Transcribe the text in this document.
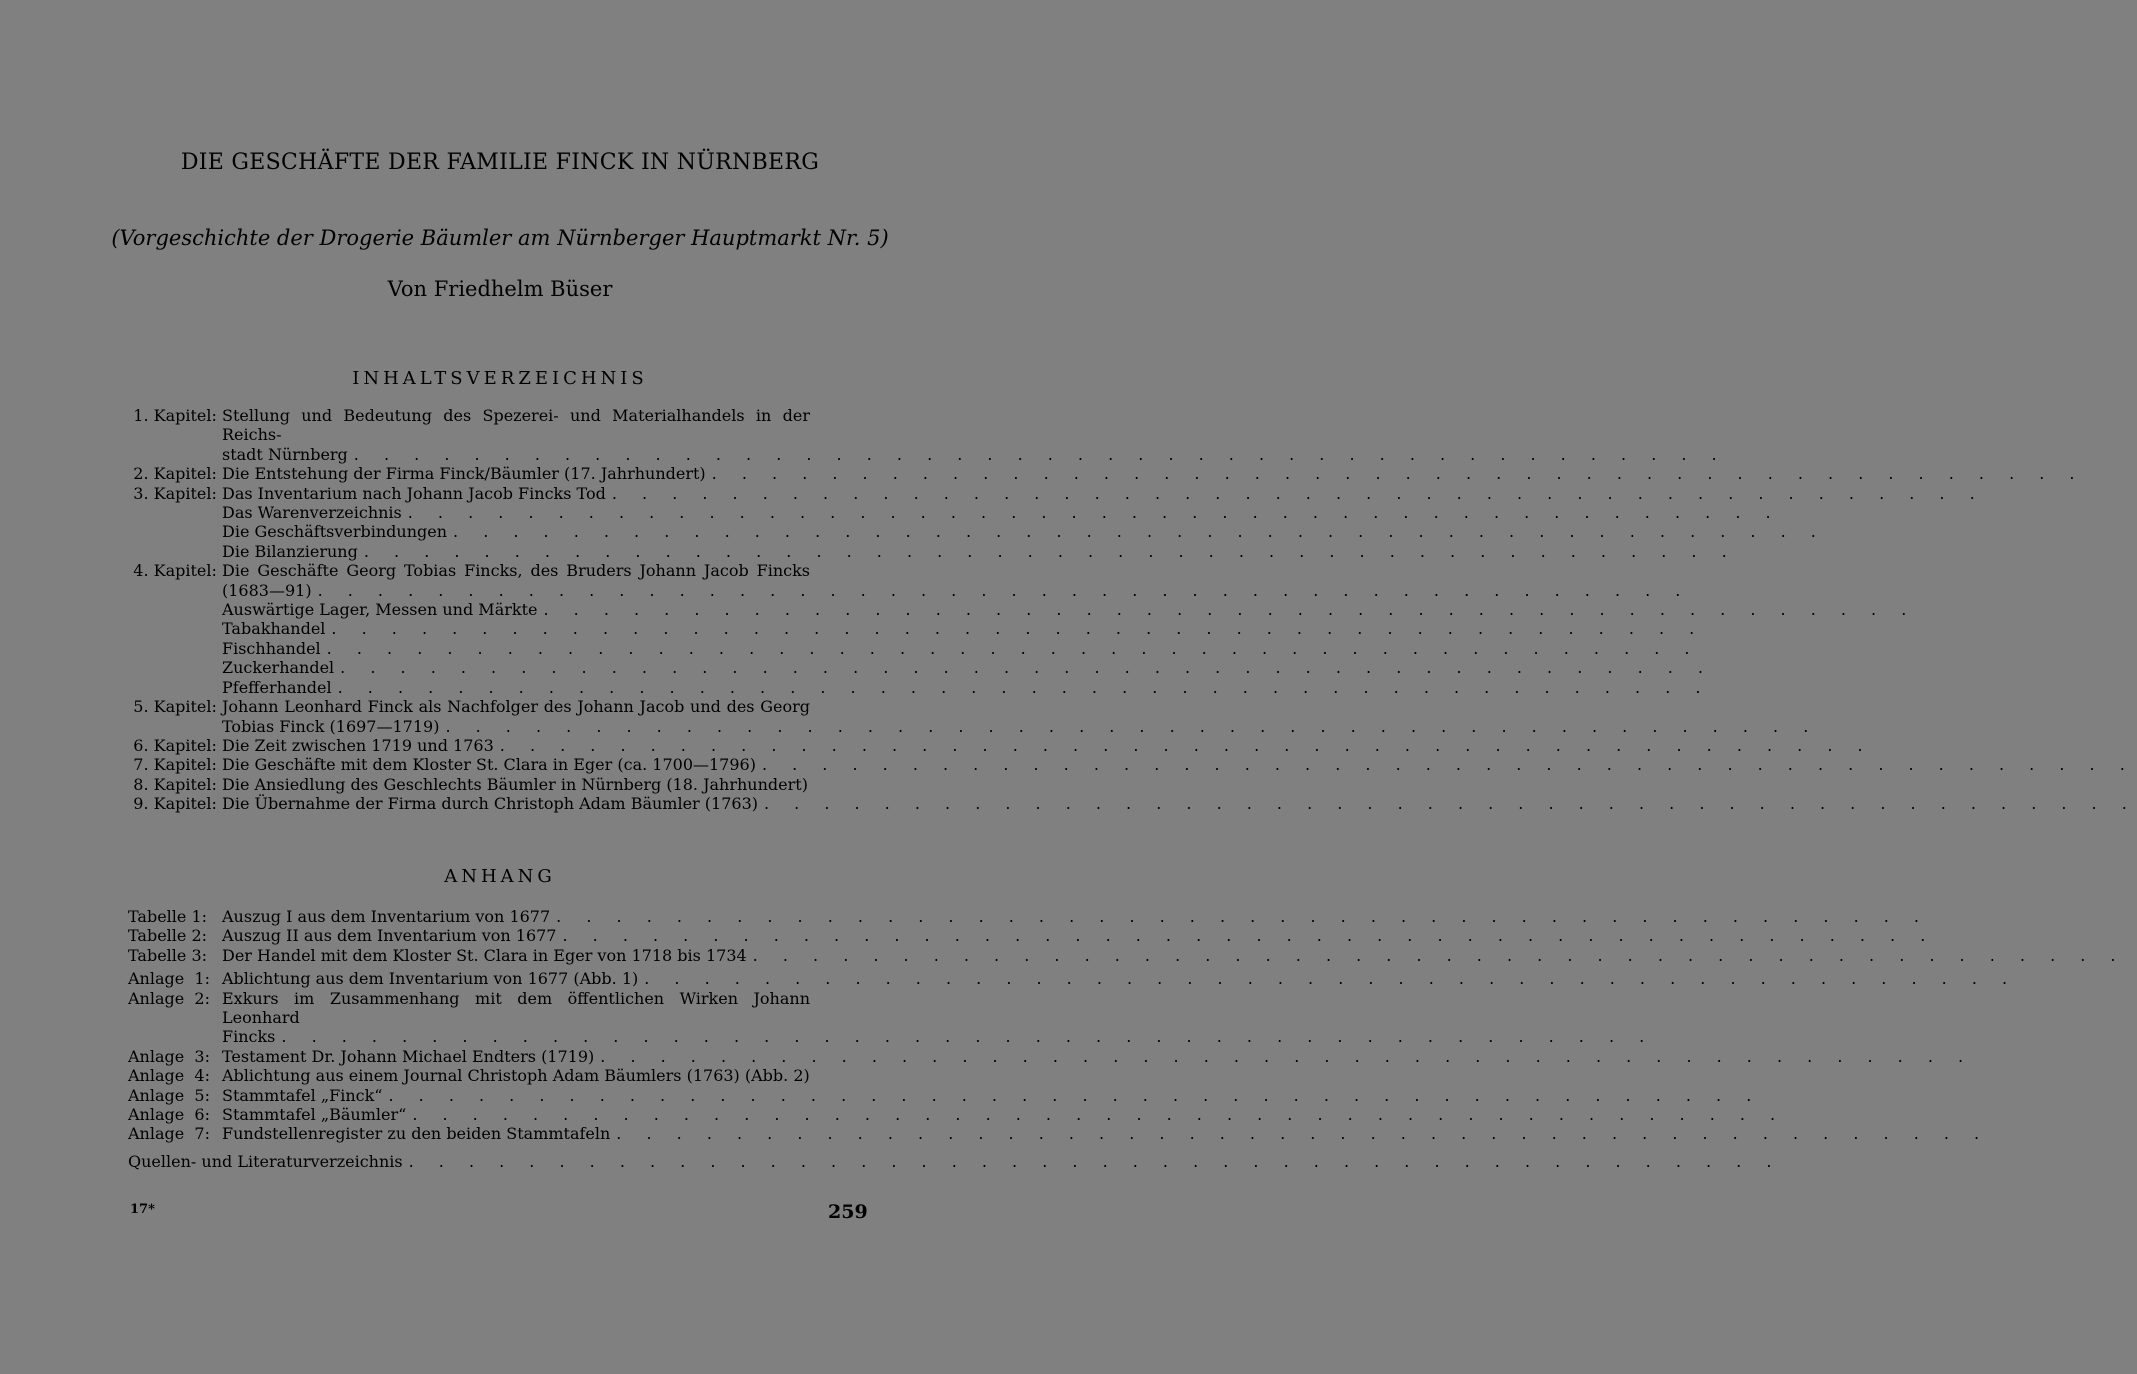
DIE GESCHÄFTE DER FAMILIE FINCK IN NÜRNBERG
(Vorgeschichte der Drogerie Bäumler am Nürnberger Hauptmarkt Nr. 5)
Von Friedhelm Büser
INHALTSVERZEICHNIS
1. Kapitel: Stellung und Bedeutung des Spezerei- und Materialhandels in der Reichs-
stadt Nürnberg . . . . . . . . . . . . . . . . . . . . . . . . . . . . . . . . . . . . . . . . . . . . . .
2. Kapitel: Die Entstehung der Firma Finck/Bäumler (17. Jahrhundert) . . . . . . . . . . . . . . . . . . . . . . . . . . . . . . . . . . . . . . . . . . . . . .
3. Kapitel: Das Inventarium nach Johann Jacob Fincks Tod . . . . . . . . . . . . . . . . . . . . . . . . . . . . . . . . . . . . . . . . . . . . . .
Das Warenverzeichnis . . . . . . . . . . . . . . . . . . . . . . . . . . . . . . . . . . . . . . . . . . . . . .
Die Geschäftsverbindungen . . . . . . . . . . . . . . . . . . . . . . . . . . . . . . . . . . . . . . . . . . . . . .
Die Bilanzierung . . . . . . . . . . . . . . . . . . . . . . . . . . . . . . . . . . . . . . . . . . . . . .
4. Kapitel: Die Geschäfte Georg Tobias Fincks, des Bruders Johann Jacob Fincks
(1683—91) . . . . . . . . . . . . . . . . . . . . . . . . . . . . . . . . . . . . . . . . . . . . . .
Auswärtige Lager, Messen und Märkte . . . . . . . . . . . . . . . . . . . . . . . . . . . . . . . . . . . . . . . . . . . . . .
Tabakhandel . . . . . . . . . . . . . . . . . . . . . . . . . . . . . . . . . . . . . . . . . . . . . .
Fischhandel . . . . . . . . . . . . . . . . . . . . . . . . . . . . . . . . . . . . . . . . . . . . . .
Zuckerhandel . . . . . . . . . . . . . . . . . . . . . . . . . . . . . . . . . . . . . . . . . . . . . .
Pfefferhandel . . . . . . . . . . . . . . . . . . . . . . . . . . . . . . . . . . . . . . . . . . . . . .
5. Kapitel: Johann Leonhard Finck als Nachfolger des Johann Jacob und des Georg
Tobias Finck (1697—1719) . . . . . . . . . . . . . . . . . . . . . . . . . . . . . . . . . . . . . . . . . . . . . .
6. Kapitel: Die Zeit zwischen 1719 und 1763 . . . . . . . . . . . . . . . . . . . . . . . . . . . . . . . . . . . . . . . . . . . . . .
7. Kapitel: Die Geschäfte mit dem Kloster St. Clara in Eger (ca. 1700—1796) . . . . . . . . . . . . . . . . . . . . . . . . . . . . . . . . . . . . . . . . . . . . . .
8. Kapitel: Die Ansiedlung des Geschlechts Bäumler in Nürnberg (18. Jahrhundert)
9. Kapitel: Die Übernahme der Firma durch Christoph Adam Bäumler (1763) . . . . . . . . . . . . . . . . . . . . . . . . . . . . . . . . . . . . . . . . . . . . . .
ANHANG
Tabelle 1: Auszug I aus dem Inventarium von 1677 . . . . . . . . . . . . . . . . . . . . . . . . . . . . . . . . . . . . . . . . . . . . . .
Tabelle 2: Auszug II aus dem Inventarium von 1677 . . . . . . . . . . . . . . . . . . . . . . . . . . . . . . . . . . . . . . . . . . . . . .
Tabelle 3: Der Handel mit dem Kloster St. Clara in Eger von 1718 bis 1734 . . . . . . . . . . . . . . . . . . . . . . . . . . . . . . . . . . . . . . . . . . . . . .
Anlage  1: Ablichtung aus dem Inventarium von 1677 (Abb. 1) . . . . . . . . . . . . . . . . . . . . . . . . . . . . . . . . . . . . . . . . . . . . . .
Anlage  2: Exkurs im Zusammenhang mit dem öffentlichen Wirken Johann Leonhard
Fincks . . . . . . . . . . . . . . . . . . . . . . . . . . . . . . . . . . . . . . . . . . . . . .
Anlage  3: Testament Dr. Johann Michael Endters (1719) . . . . . . . . . . . . . . . . . . . . . . . . . . . . . . . . . . . . . . . . . . . . . .
Anlage  4: Ablichtung aus einem Journal Christoph Adam Bäumlers (1763) (Abb. 2)
Anlage  5: Stammtafel „Finck“ . . . . . . . . . . . . . . . . . . . . . . . . . . . . . . . . . . . . . . . . . . . . . .
Anlage  6: Stammtafel „Bäumler“ . . . . . . . . . . . . . . . . . . . . . . . . . . . . . . . . . . . . . . . . . . . . . .
Anlage  7: Fundstellenregister zu den beiden Stammtafeln . . . . . . . . . . . . . . . . . . . . . . . . . . . . . . . . . . . . . . . . . . . . . .
Quellen- und Literaturverzeichnis . . . . . . . . . . . . . . . . . . . . . . . . . . . . . . . . . . . . . . . . . . . . . .
17*	259
